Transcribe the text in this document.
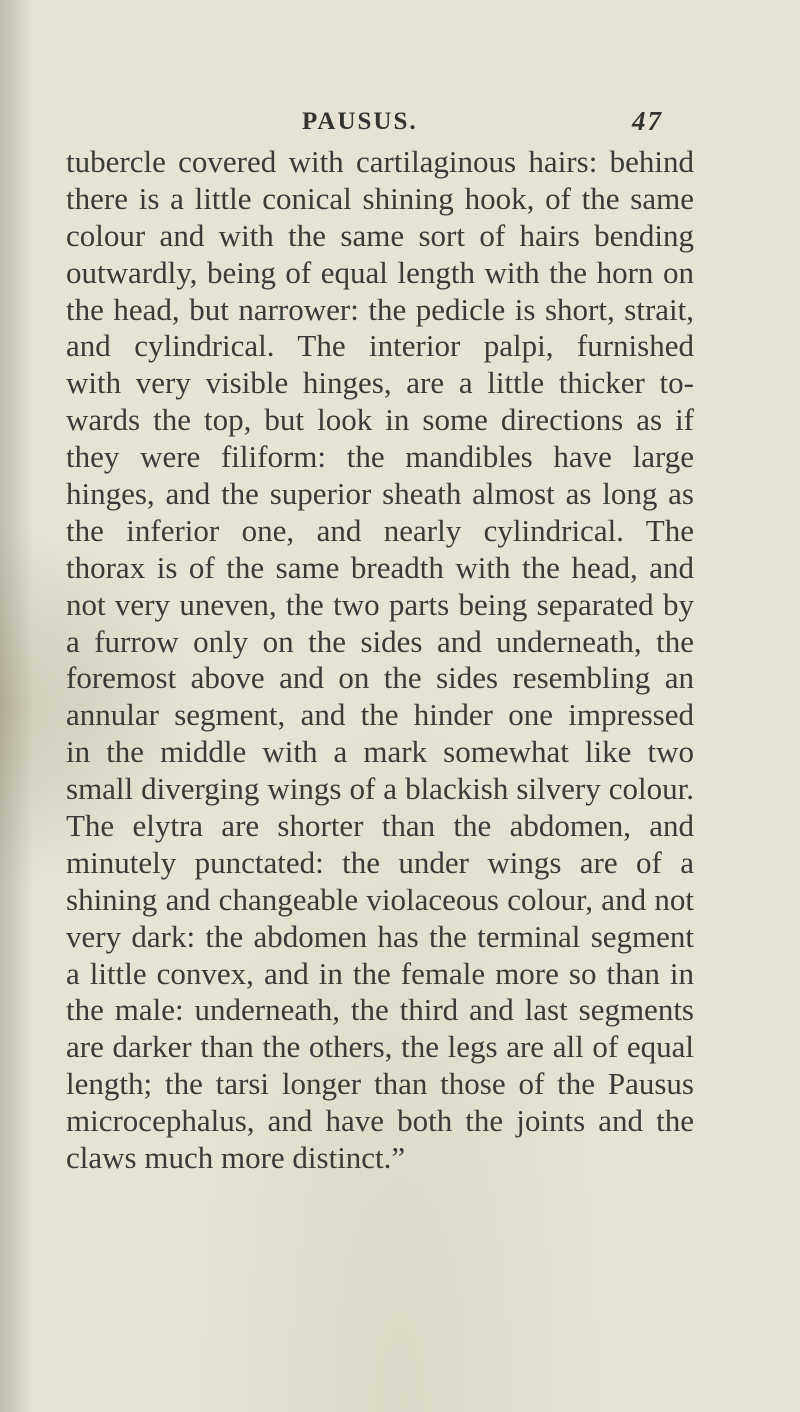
PAUSUS.	47
tubercle covered with cartilaginous hairs: behind
there is a little conical shining hook, of the same
colour and with the same sort of hairs bending
outwardly, being of equal length with the horn on
the head, but narrower: the pedicle is short, strait,
and cylindrical. The interior palpi, furnished
with very visible hinges, are a little thicker to-
wards the top, but look in some directions as if
they were filiform: the mandibles have large
hinges, and the superior sheath almost as long as
the inferior one, and nearly cylindrical. The
thorax is of the same breadth with the head, and
not very uneven, the two parts being separated by
a furrow only on the sides and underneath, the
foremost above and on the sides resembling an
annular segment, and the hinder one impressed
in the middle with a mark somewhat like two
small diverging wings of a blackish silvery colour.
The elytra are shorter than the abdomen, and
minutely punctated: the under wings are of a
shining and changeable violaceous colour, and not
very dark: the abdomen has the terminal segment
a little convex, and in the female more so than in
the male: underneath, the third and last segments
are darker than the others, the legs are all of equal
length; the tarsi longer than those of the Pausus
microcephalus, and have both the joints and the
claws much more distinct.”
